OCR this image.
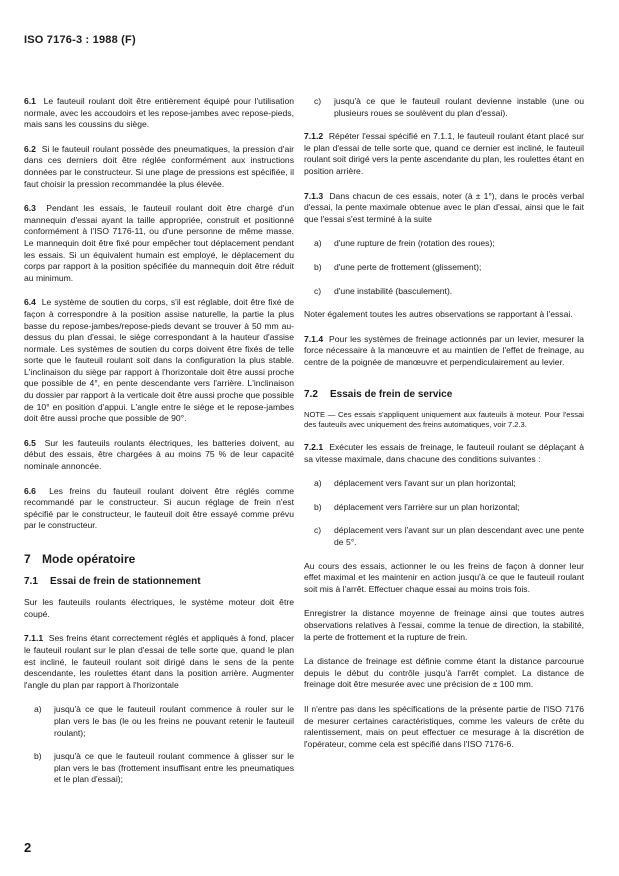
ISO 7176-3 : 1988 (F)

6.1 Le fauteuil roulant doit être entièrement équipé pour l'utilisation normale, avec les accoudoirs et les repose-jambes avec repose-pieds, mais sans les coussins du siège.

6.2 Si le fauteuil roulant possède des pneumatiques, la pression d'air dans ces derniers doit être réglée conformément aux instructions données par le constructeur. Si une plage de pressions est spécifiée, il faut choisir la pression recommandée la plus élevée.

6.3 Pendant les essais, le fauteuil roulant doit être chargé d'un mannequin d'essai ayant la taille appropriée, construit et positionné conformément à l'ISO 7176-11, ou d'une personne de même masse. Le mannequin doit être fixé pour empêcher tout déplacement pendant les essais. Si un équivalent humain est employé, le déplacement du corps par rapport à la position spécifiée du mannequin doit être réduit au minimum.

6.4 Le système de soutien du corps, s'il est réglable, doit être fixé de façon à correspondre à la position assise naturelle, la partie la plus basse du repose-jambes/repose-pieds devant se trouver à 50 mm au-dessus du plan d'essai, le siège correspondant à la hauteur d'assise normale. Les systèmes de soutien du corps doivent être fixés de telle sorte que le fauteuil roulant soit dans la configuration la plus stable. L'inclinaison du siège par rapport à l'horizontale doit être aussi proche que possible de 4°, en pente descendante vers l'arrière. L'inclinaison du dossier par rapport à la verticale doit être aussi proche que possible de 10° en position d'appui. L'angle entre le siège et le repose-jambes doit être aussi proche que possible de 90°.

6.5 Sur les fauteuils roulants électriques, les batteries doivent, au début des essais, être chargées à au moins 75 % de leur capacité nominale annoncée.

6.6 Les freins du fauteuil roulant doivent être réglés comme recommandé par le constructeur. Si aucun réglage de frein n'est spécifié par le constructeur, le fauteuil doit être essayé comme prévu par le constructeur.

7 Mode opératoire
7.1	Essai de frein de stationnement

Sur les fauteuils roulants électriques, le système moteur doit être coupé.

7.1.1 Ses freins étant correctement réglés et appliqués à fond, placer le fauteuil roulant sur le plan d'essai de telle sorte que, quand le plan est incliné, le fauteuil roulant soit dirigé dans le sens de la pente descendante, les roulettes étant dans la position arrière. Augmenter l'angle du plan par rapport à l'horizontale

a)	jusqu'à ce que le fauteuil roulant commence à rouler sur le plan vers le bas (le ou les freins ne pouvant retenir le fauteuil roulant);
b)	jusqu'à ce que le fauteuil roulant commence à glisser sur le plan vers le bas (frottement insuffisant entre les pneumatiques et le plan d'essai);
c)	jusqu'à ce que le fauteuil roulant devienne instable (une ou plusieurs roues se soulèvent du plan d'essai).

7.1.2 Répéter l'essai spécifié en 7.1.1, le fauteuil roulant étant placé sur le plan d'essai de telle sorte que, quand ce dernier est incliné, le fauteuil roulant soit dirigé vers la pente ascendante du plan, les roulettes étant en position arrière.

7.1.3 Dans chacun de ces essais, noter (à ± 1°), dans le procès verbal d'essai, la pente maximale obtenue avec le plan d'essai, ainsi que le fait que l'essai s'est terminé à la suite

a)	d'une rupture de frein (rotation des roues);
b)	d'une perte de frottement (glissement);
c)	d'une instabilité (basculement).

Noter également toutes les autres observations se rapportant à l'essai.

7.1.4 Pour les systèmes de freinage actionnés par un levier, mesurer la force nécessaire à la manœuvre et au maintien de l'effet de freinage, au centre de la poignée de manœuvre et perpendiculairement au levier.

7.2	Essais de frein de service
NOTE — Ces essais s'appliquent uniquement aux fauteuils à moteur. Pour l'essai des fauteuils avec uniquement des freins automatiques, voir 7.2.3.

7.2.1 Exécuter les essais de freinage, le fauteuil roulant se déplaçant à sa vitesse maximale, dans chacune des conditions suivantes :

a)	déplacement vers l'avant sur un plan horizontal;
b)	déplacement vers l'arrière sur un plan horizontal;
c)	déplacement vers l'avant sur un plan descendant avec une pente de 5°.

Au cours des essais, actionner le ou les freins de façon à donner leur effet maximal et les maintenir en action jusqu'à ce que le fauteuil roulant soit mis à l'arrêt. Effectuer chaque essai au moins trois fois.

Enregistrer la distance moyenne de freinage ainsi que toutes autres observations relatives à l'essai, comme la tenue de direction, la stabilité, la perte de frottement et la rupture de frein.

La distance de freinage est définie comme étant la distance parcourue depuis le début du contrôle jusqu'à l'arrêt complet. La distance de freinage doit être mesurée avec une précision de ± 100 mm.

Il n'entre pas dans les spécifications de la présente partie de l'ISO 7176 de mesurer certaines caractéristiques, comme les valeurs de crête du ralentissement, mais on peut effectuer ce mesurage à la discrétion de l'opérateur, comme cela est spécifié dans l'ISO 7176-6.

2
